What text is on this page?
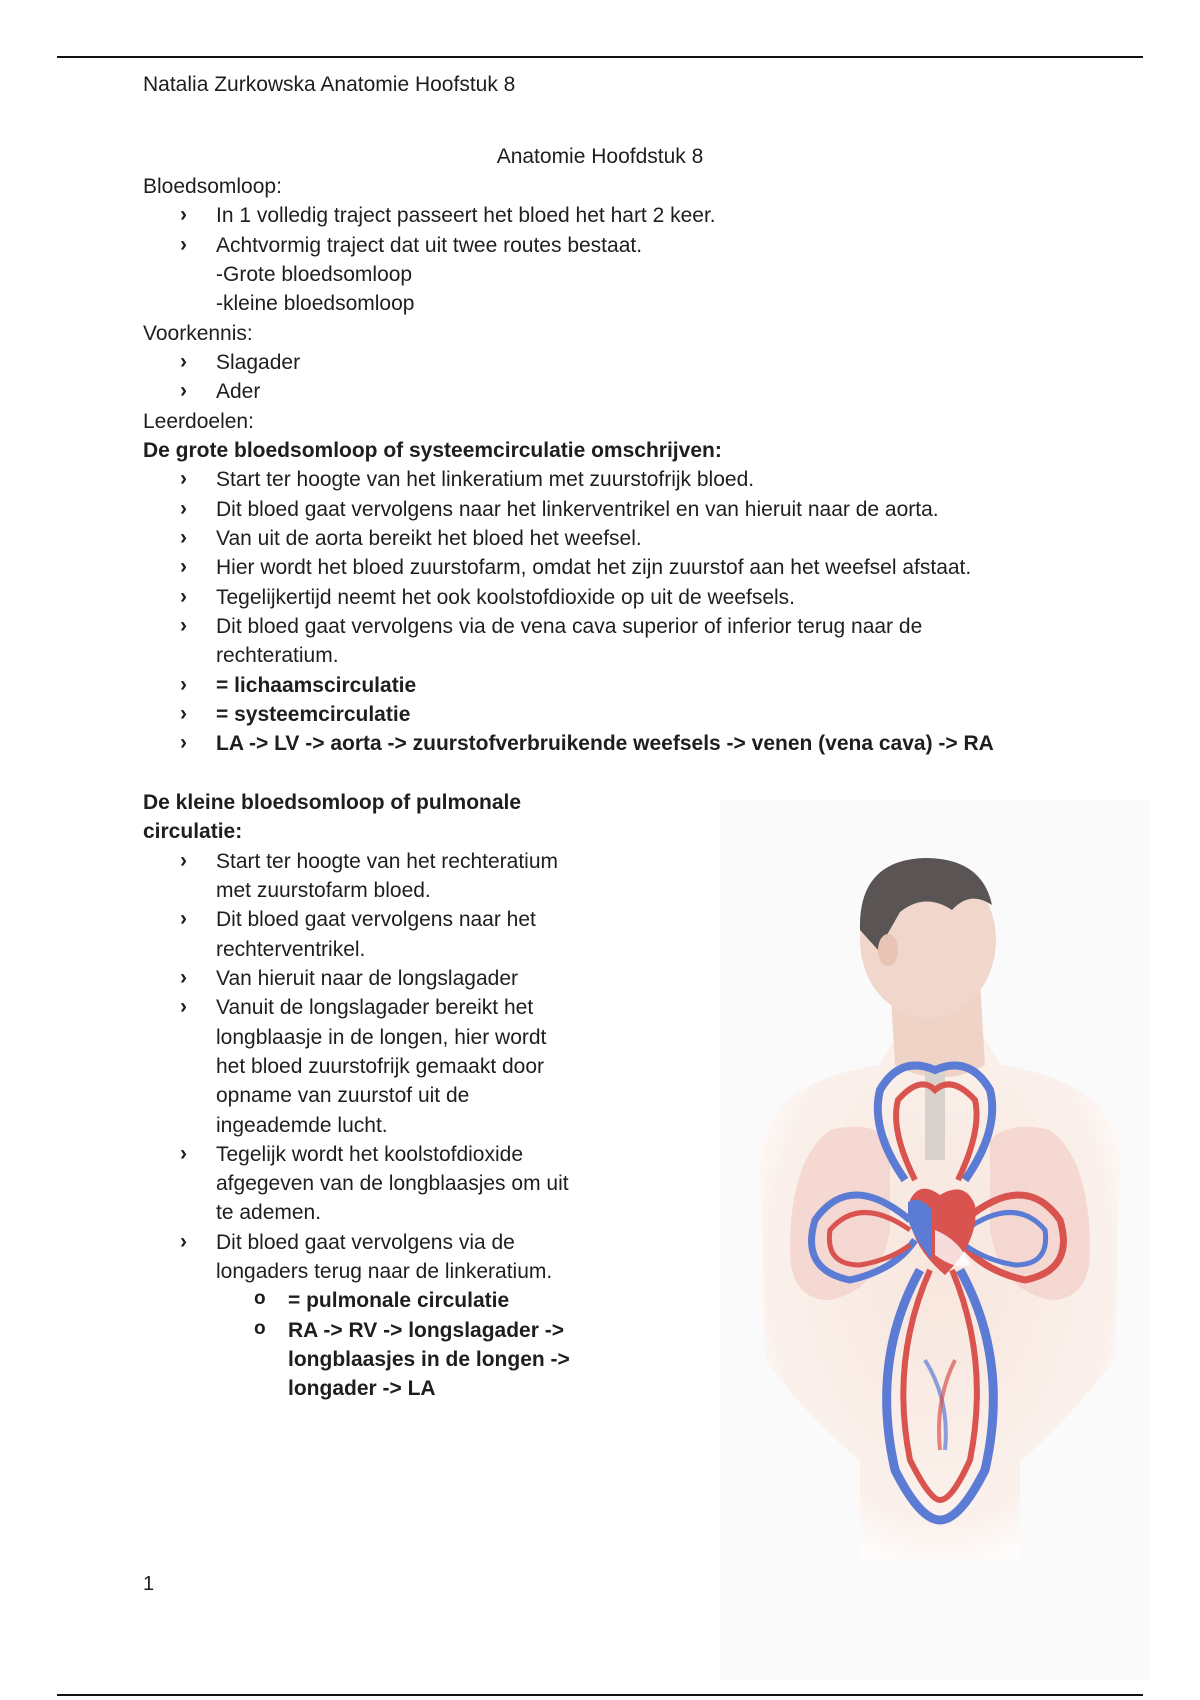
Natalia Zurkowska Anatomie Hoofstuk 8
Anatomie Hoofdstuk 8
Bloedsomloop:
› In 1 volledig traject passeert het bloed het hart 2 keer.
› Achtvormig traject dat uit twee routes bestaat.
-Grote bloedsomloop
-kleine bloedsomloop
Voorkennis:
› Slagader
› Ader
Leerdoelen:
De grote bloedsomloop of systeemcirculatie omschrijven:
› Start ter hoogte van het linkeratium met zuurstofrijk bloed.
› Dit bloed gaat vervolgens naar het linkerventrikel en van hieruit naar de aorta.
› Van uit de aorta bereikt het bloed het weefsel.
› Hier wordt het bloed zuurstofarm, omdat het zijn zuurstof aan het weefsel afstaat.
› Tegelijkertijd neemt het ook koolstofdioxide op uit de weefsels.
› Dit bloed gaat vervolgens via de vena cava superior of inferior terug naar de
rechteratium.
› = lichaamscirculatie
› = systeemcirculatie
› LA -> LV -> aorta -> zuurstofverbruikende weefsels -> venen (vena cava) -> RA
De kleine bloedsomloop of pulmonale
circulatie:
› Start ter hoogte van het rechteratium
met zuurstofarm bloed.
› Dit bloed gaat vervolgens naar het
rechterventrikel.
› Van hieruit naar de longslagader
› Vanuit de longslagader bereikt het
longblaasje in de longen, hier wordt
het bloed zuurstofrijk gemaakt door
opname van zuurstof uit de
ingeademde lucht.
› Tegelijk wordt het koolstofdioxide
afgegeven van de longblaasjes om uit
te ademen.
› Dit bloed gaat vervolgens via de
longaders terug naar de linkeratium.
o = pulmonale circulatie
o RA -> RV -> longslagader ->
longblaasjes in de longen ->
longader -> LA
1
